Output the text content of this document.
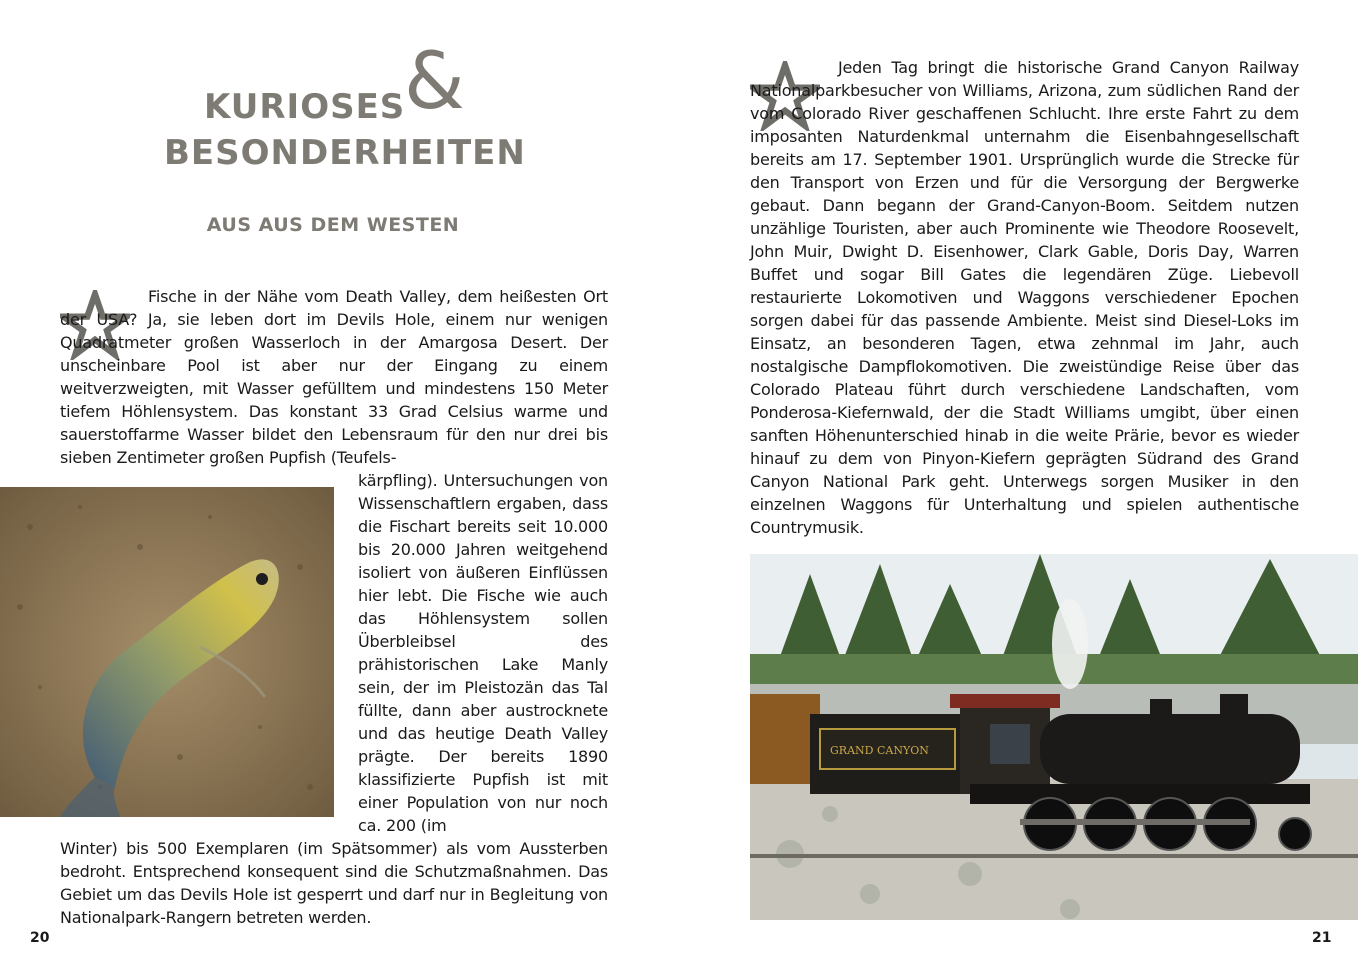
KURIOSES
&
BESONDERHEITEN
AUS AUS DEM WESTEN

Fische in der Nähe vom Death Valley, dem heißesten Ort der USA? Ja, sie leben dort im Devils Hole, einem nur wenigen Quadratmeter großen Wasserloch in der Amargosa Desert. Der unscheinbare Pool ist aber nur der Eingang zu einem weitverzweigten, mit Wasser gefülltem und mindestens 150 Meter tiefem Höhlensystem. Das konstant 33 Grad Celsius warme und sauerstoffarme Wasser bildet den Lebensraum für den nur drei bis sieben Zentimeter großen Pupfish (Teufels-

kärpfling). Untersuchungen von Wissenschaftlern ergaben, dass die Fischart bereits seit 10.000 bis 20.000 Jahren weitgehend isoliert von äußeren Einflüssen hier lebt. Die Fische wie auch das Höhlensystem sollen Überbleibsel des prähistorischen Lake Manly sein, der im Pleistozän das Tal füllte, dann aber austrocknete und das heutige Death Valley prägte. Der bereits 1890 klassifizierte Pupfish ist mit einer Population von nur noch ca. 200 (im

Winter) bis 500 Exemplaren (im Spätsommer) als vom Aussterben bedroht. Entsprechend konsequent sind die Schutzmaßnahmen. Das Gebiet um das Devils Hole ist gesperrt und darf nur in Begleitung von Nationalpark-Rangern betreten werden.

20

Jeden Tag bringt die historische Grand Canyon Railway Nationalparkbesucher von Williams, Arizona, zum südlichen Rand der vom Colorado River geschaffenen Schlucht. Ihre erste Fahrt zu dem imposanten Naturdenkmal unternahm die Eisenbahngesellschaft bereits am 17. September 1901. Ursprünglich wurde die Strecke für den Transport von Erzen und für die Versorgung der Bergwerke gebaut. Dann begann der Grand-Canyon-Boom. Seitdem nutzen unzählige Touristen, aber auch Prominente wie Theodore Roosevelt, John Muir, Dwight D. Eisenhower, Clark Gable, Doris Day, Warren Buffet und sogar Bill Gates die legendären Züge. Liebevoll restaurierte Lokomotiven und Waggons verschiedener Epochen sorgen dabei für das passende Ambiente. Meist sind Diesel-Loks im Einsatz, an besonderen Tagen, etwa zehnmal im Jahr, auch nostalgische Dampflokomotiven. Die zweistündige Reise über das Colorado Plateau führt durch verschiedene Landschaften, vom Ponderosa-Kiefernwald, der die Stadt Williams umgibt, über einen sanften Höhenunterschied hinab in die weite Prärie, bevor es wieder hinauf zu dem von Pinyon-Kiefern geprägten Südrand des Grand Canyon National Park geht. Unterwegs sorgen Musiker in den einzelnen Waggons für Unterhaltung und spielen authentische Countrymusik.

GRAND CANYON
21
